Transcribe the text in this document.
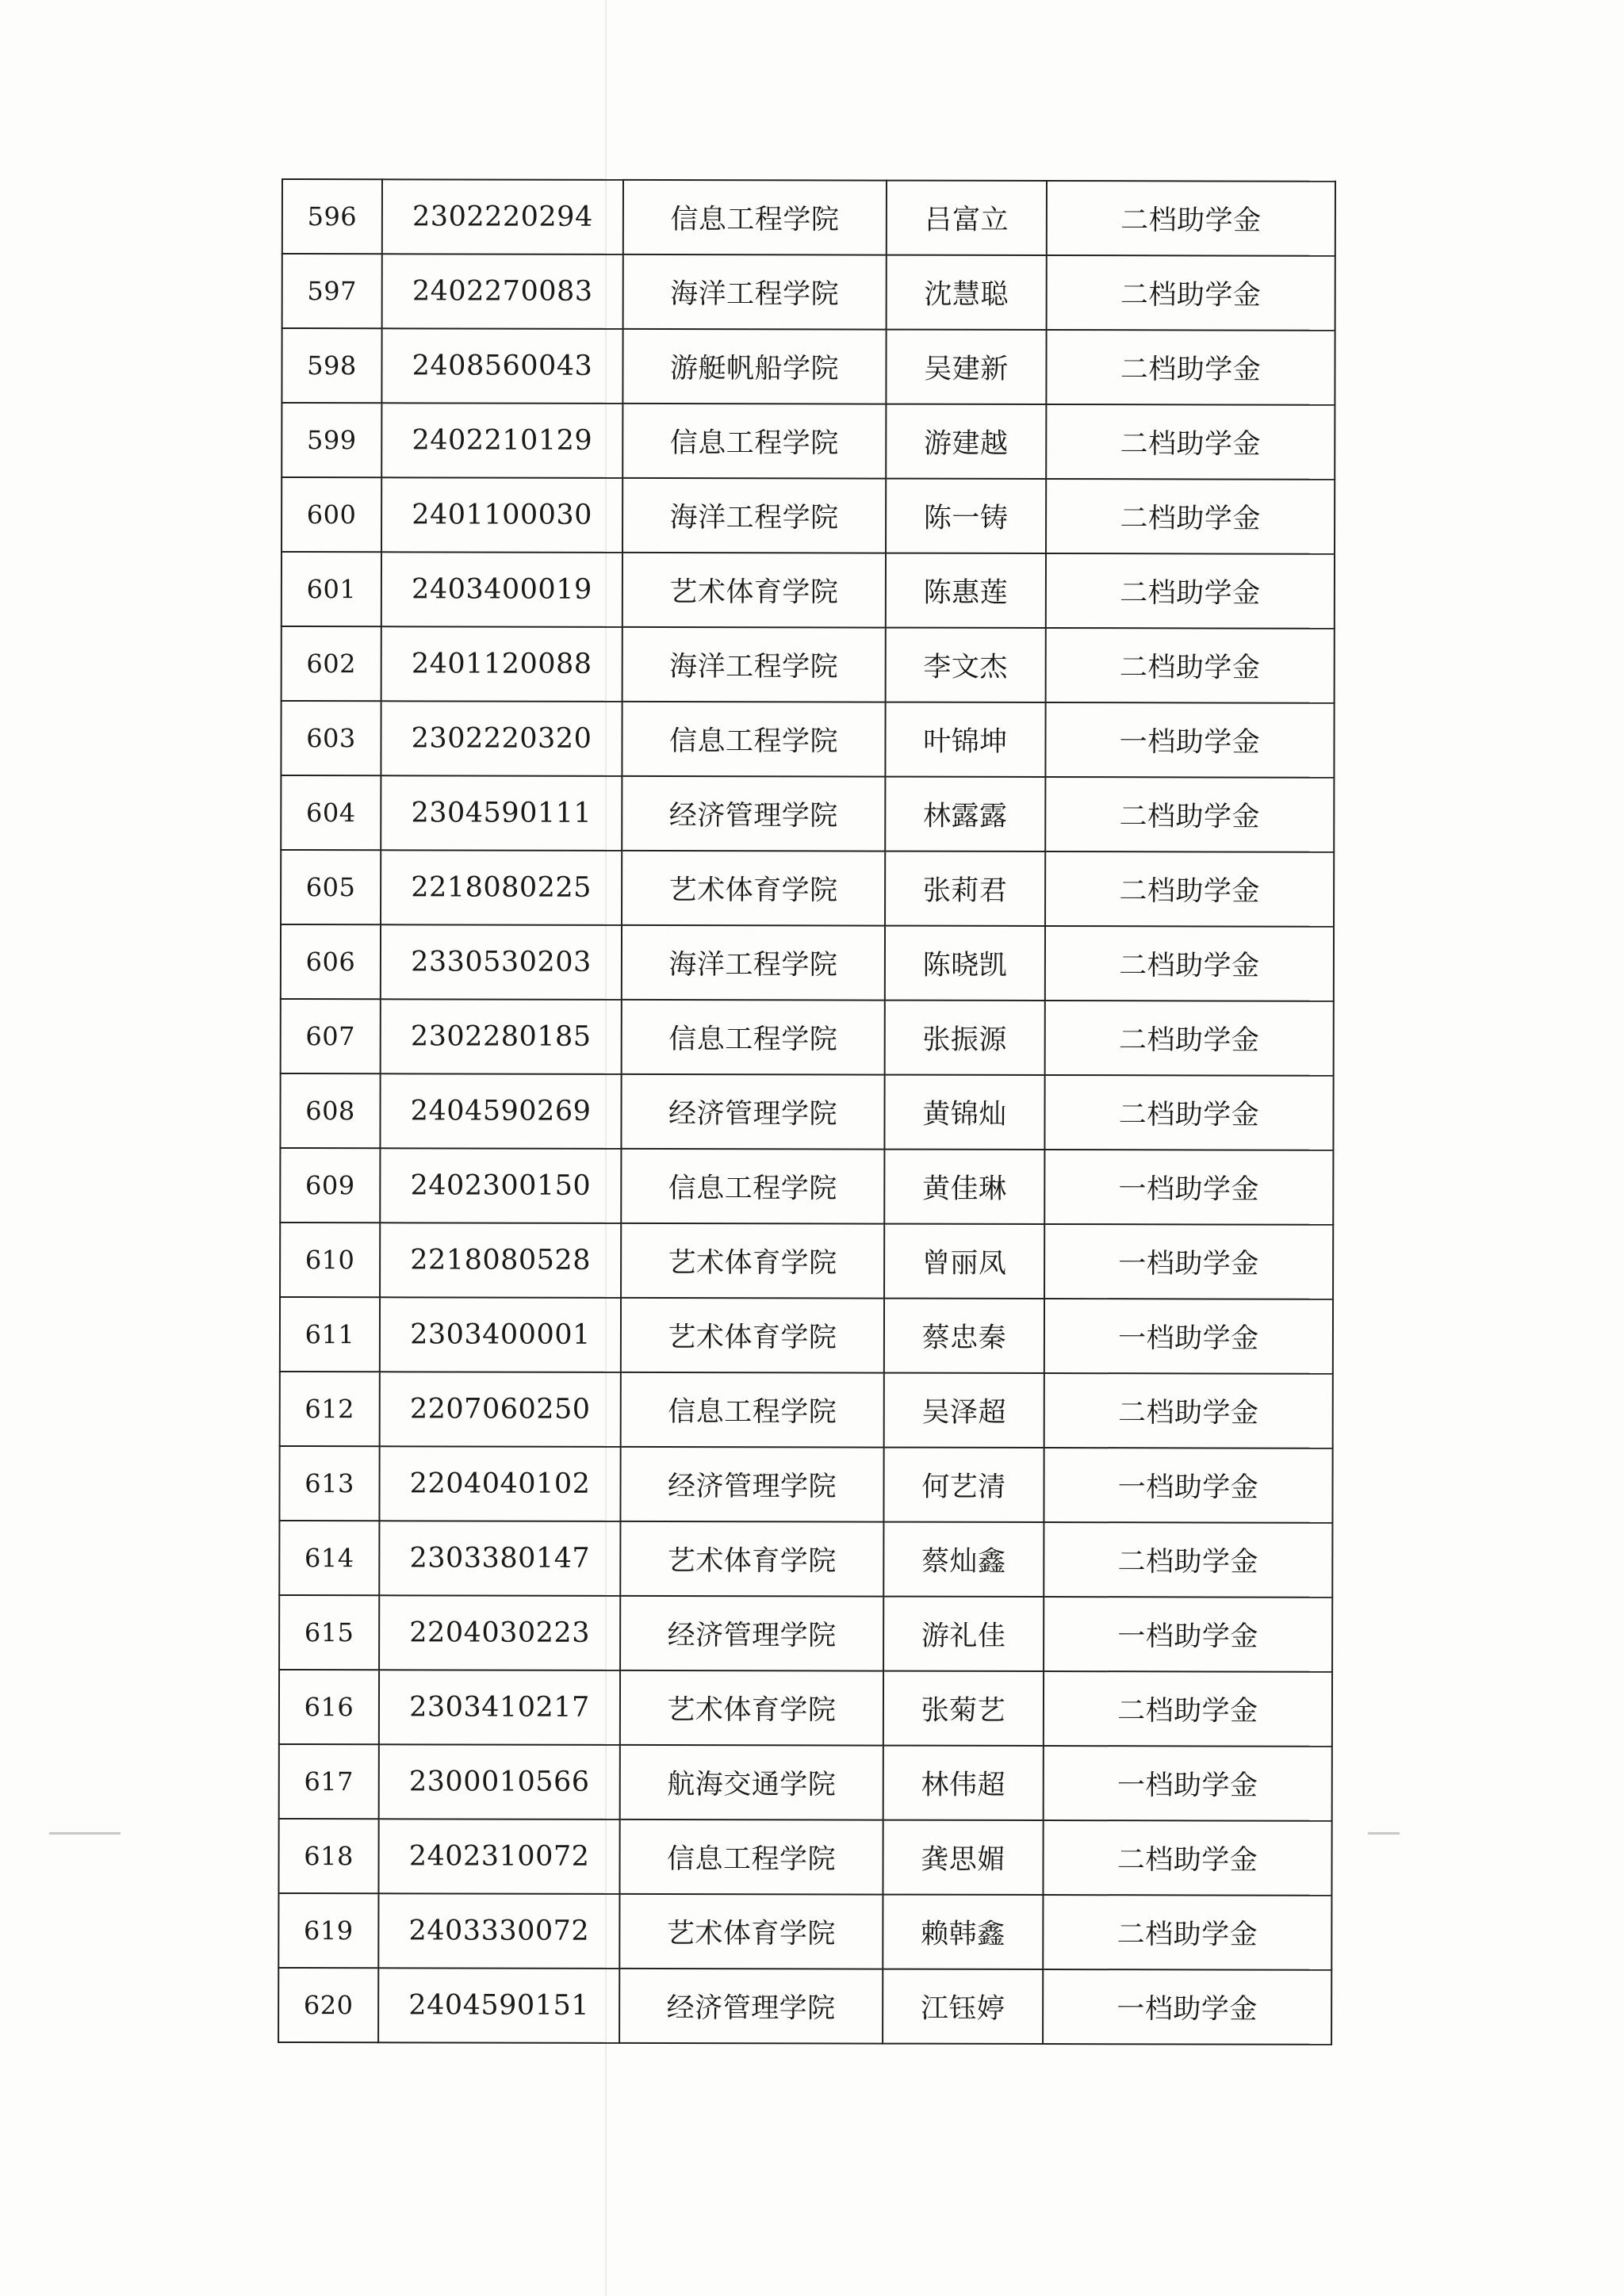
596	2302220294	信息工程学院	吕富立	二档助学金
597	2402270083	海洋工程学院	沈慧聪	二档助学金
598	2408560043	游艇帆船学院	吴建新	二档助学金
599	2402210129	信息工程学院	游建越	二档助学金
600	2401100030	海洋工程学院	陈一铸	二档助学金
601	2403400019	艺术体育学院	陈惠莲	二档助学金
602	2401120088	海洋工程学院	李文杰	二档助学金
603	2302220320	信息工程学院	叶锦坤	一档助学金
604	2304590111	经济管理学院	林露露	二档助学金
605	2218080225	艺术体育学院	张莉君	二档助学金
606	2330530203	海洋工程学院	陈晓凯	二档助学金
607	2302280185	信息工程学院	张振源	二档助学金
608	2404590269	经济管理学院	黄锦灿	二档助学金
609	2402300150	信息工程学院	黄佳琳	一档助学金
610	2218080528	艺术体育学院	曾丽凤	一档助学金
611	2303400001	艺术体育学院	蔡忠秦	一档助学金
612	2207060250	信息工程学院	吴泽超	二档助学金
613	2204040102	经济管理学院	何艺清	一档助学金
614	2303380147	艺术体育学院	蔡灿鑫	二档助学金
615	2204030223	经济管理学院	游礼佳	一档助学金
616	2303410217	艺术体育学院	张菊艺	二档助学金
617	2300010566	航海交通学院	林伟超	一档助学金
618	2402310072	信息工程学院	龚思媚	二档助学金
619	2403330072	艺术体育学院	赖韩鑫	二档助学金
620	2404590151	经济管理学院	江钰婷	一档助学金
